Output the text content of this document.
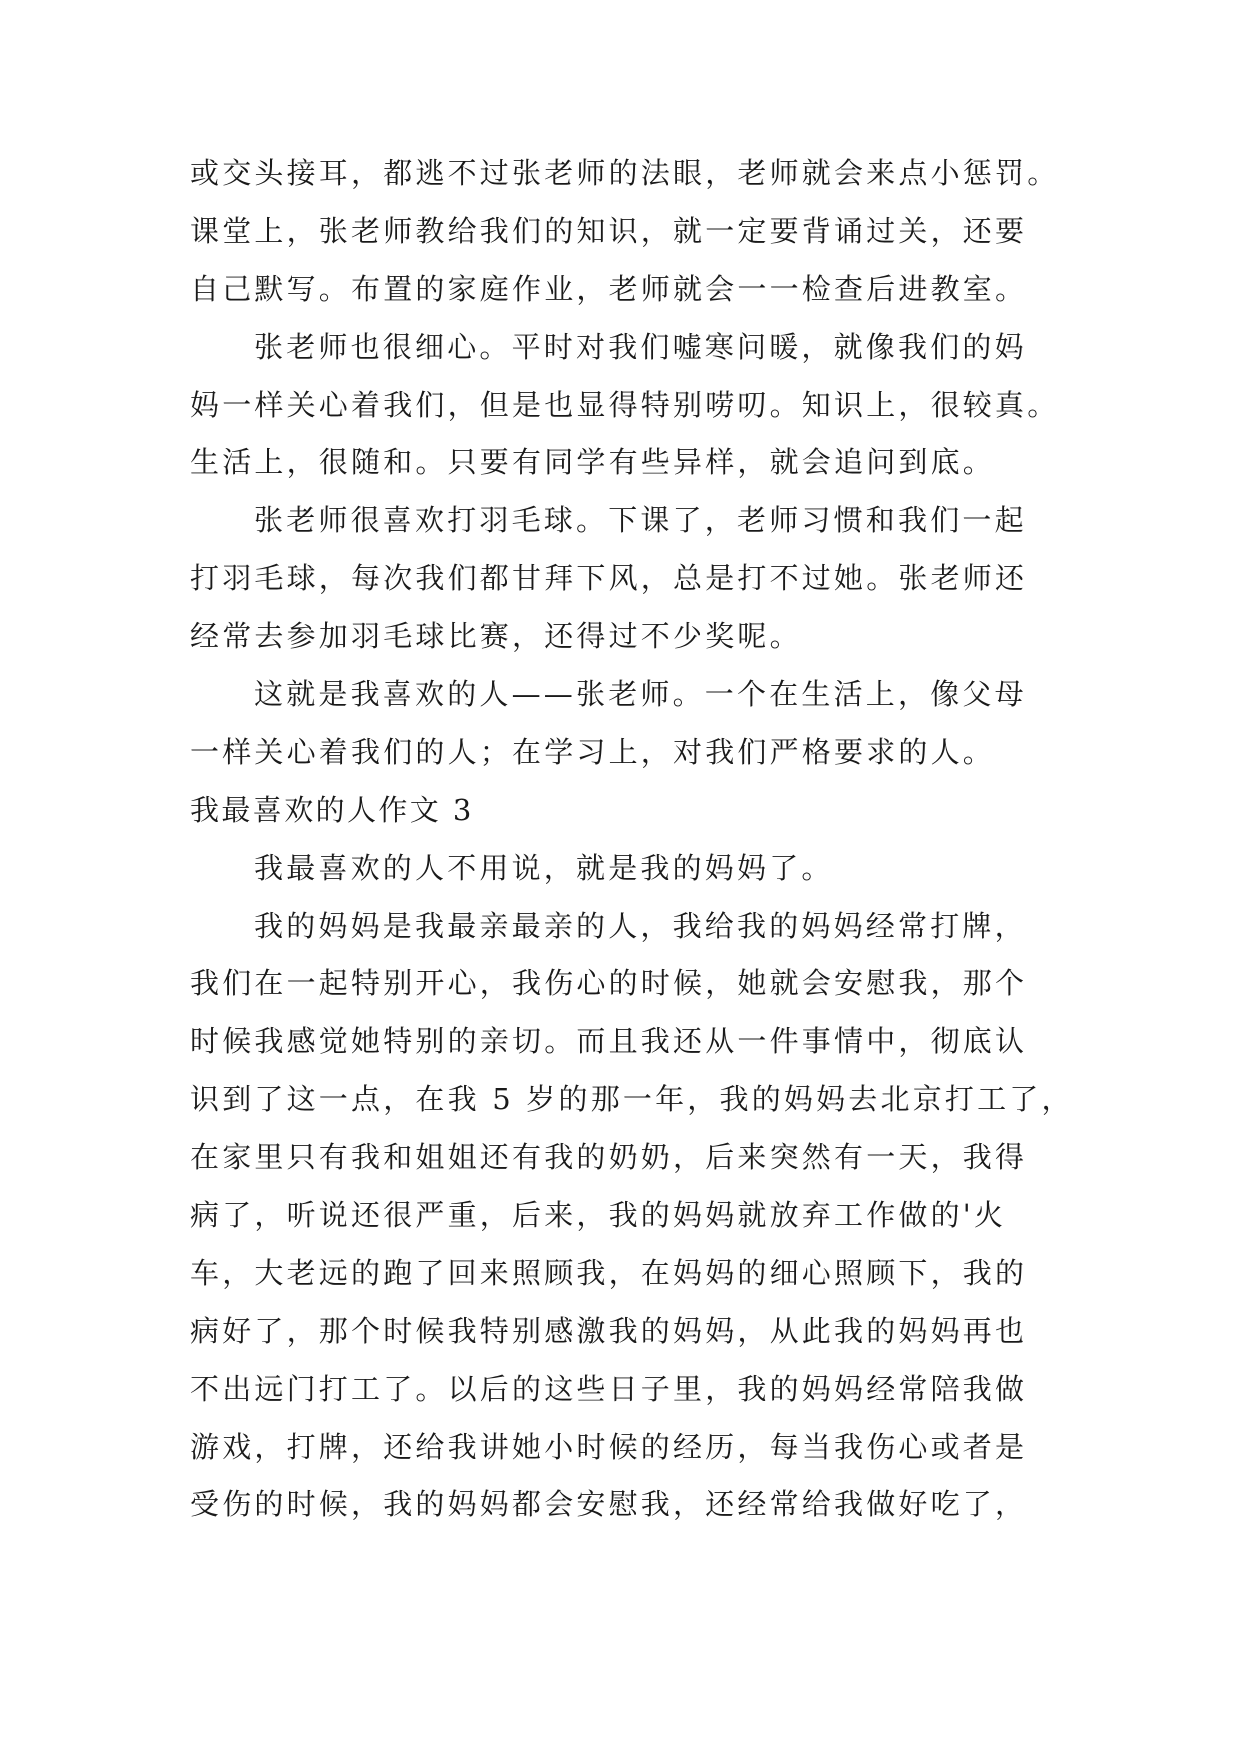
或交头接耳，都逃不过张老师的法眼，老师就会来点小惩罚。
课堂上，张老师教给我们的知识，就一定要背诵过关，还要
自己默写。布置的家庭作业，老师就会一一检查后进教室。
张老师也很细心。平时对我们嘘寒问暖，就像我们的妈
妈一样关心着我们，但是也显得特别唠叨。知识上，很较真。
生活上，很随和。只要有同学有些异样，就会追问到底。
张老师很喜欢打羽毛球。下课了，老师习惯和我们一起
打羽毛球，每次我们都甘拜下风，总是打不过她。张老师还
经常去参加羽毛球比赛，还得过不少奖呢。
这就是我喜欢的人——张老师。一个在生活上，像父母
一样关心着我们的人；在学习上，对我们严格要求的人。
我最喜欢的人作文 3
我最喜欢的人不用说，就是我的妈妈了。
我的妈妈是我最亲最亲的人，我给我的妈妈经常打牌，
我们在一起特别开心，我伤心的时候，她就会安慰我，那个
时候我感觉她特别的亲切。而且我还从一件事情中，彻底认
识到了这一点，在我 5 岁的那一年，我的妈妈去北京打工了，
在家里只有我和姐姐还有我的奶奶，后来突然有一天，我得
病了，听说还很严重，后来，我的妈妈就放弃工作做的'火
车，大老远的跑了回来照顾我，在妈妈的细心照顾下，我的
病好了，那个时候我特别感激我的妈妈，从此我的妈妈再也
不出远门打工了。以后的这些日子里，我的妈妈经常陪我做
游戏，打牌，还给我讲她小时候的经历，每当我伤心或者是
受伤的时候，我的妈妈都会安慰我，还经常给我做好吃了，
